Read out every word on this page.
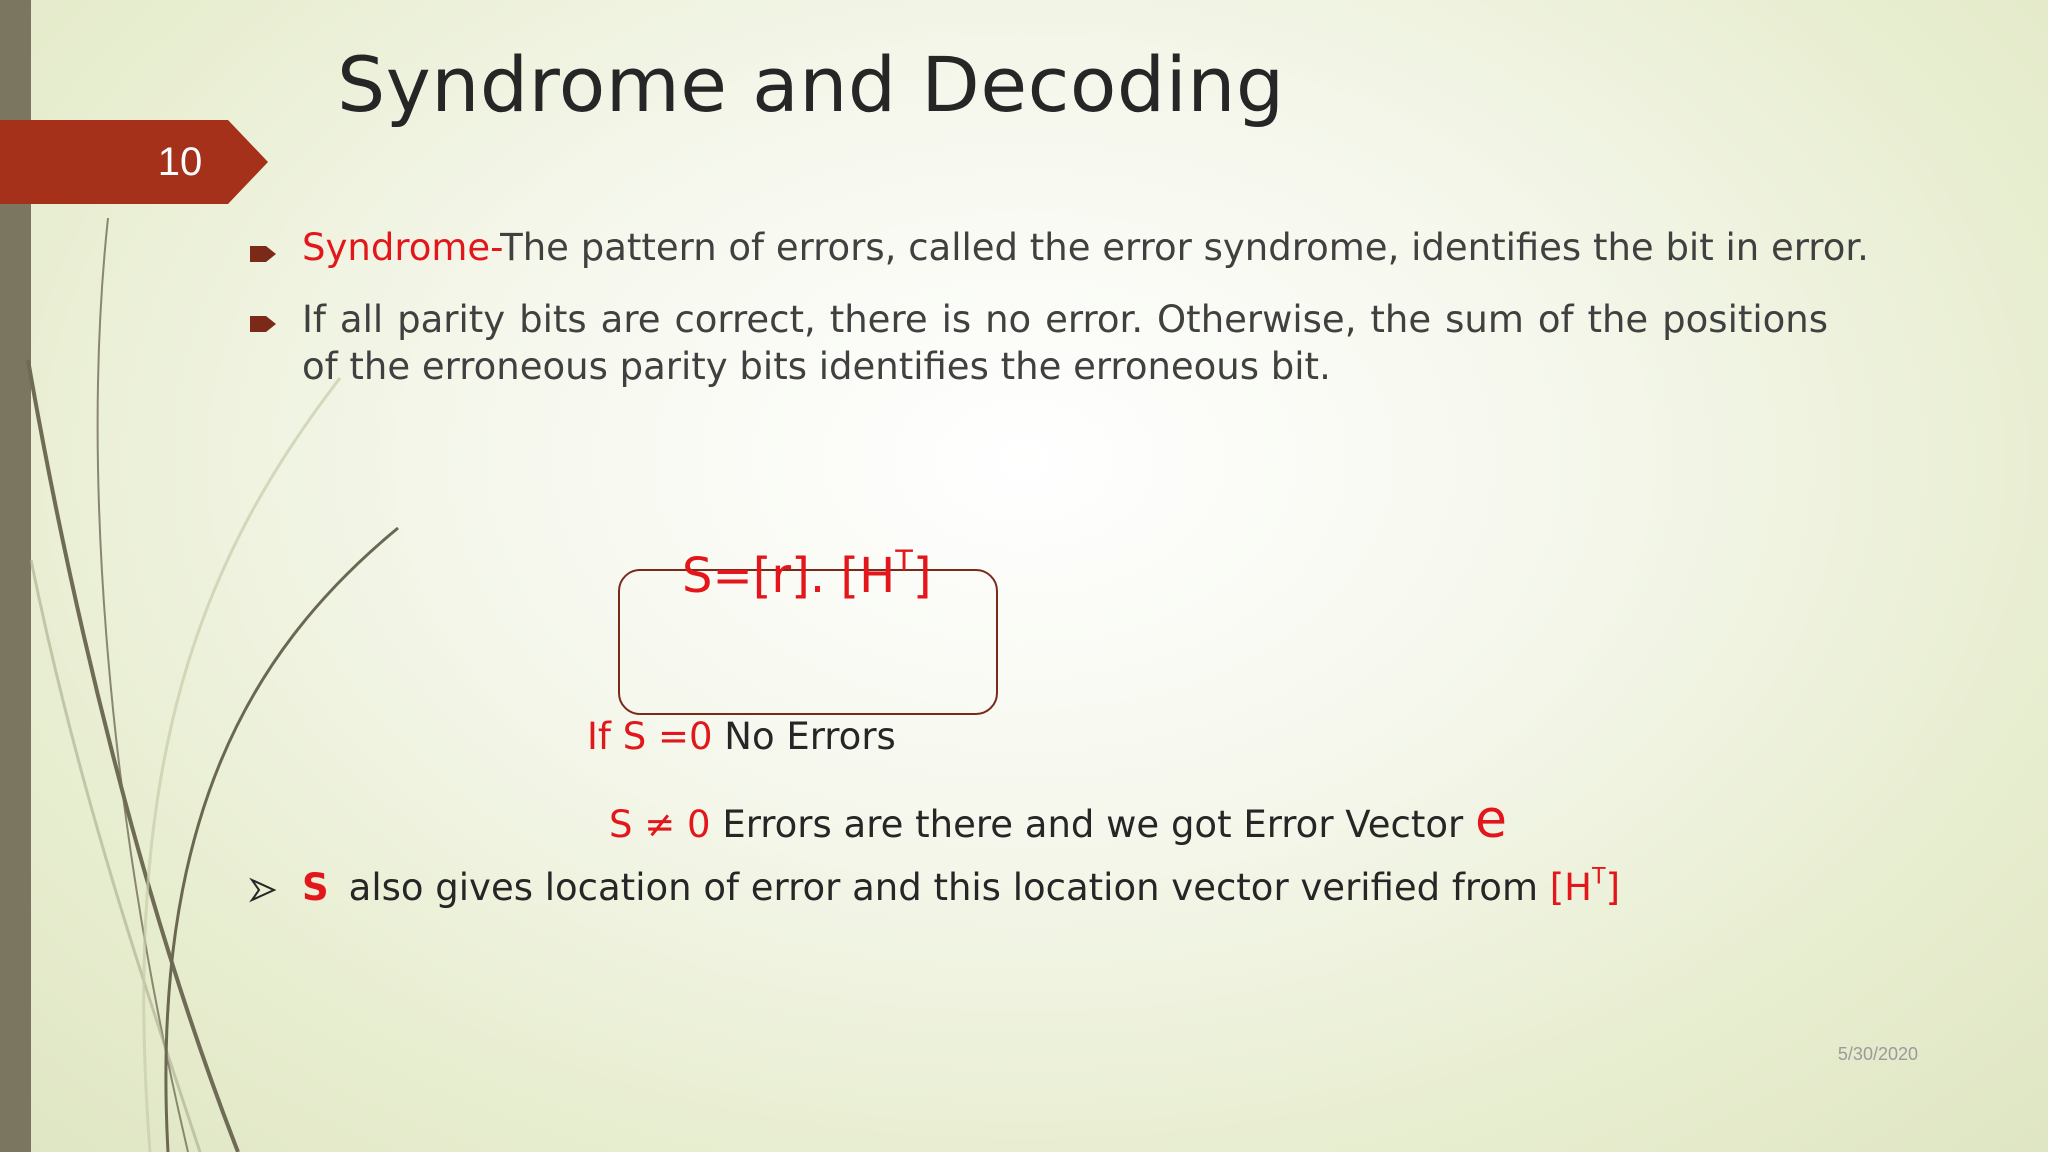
10
Syndrome and Decoding
Syndrome-The pattern of errors, called the error syndrome, identifies the bit in error.
If all parity bits are correct, there is no error. Otherwise, the sum of the positions of the erroneous parity bits identifies the erroneous bit.
S=[r]. $[H^T]$
If S =0 No Errors
S ≠ 0 Errors are there and we got Error Vector e
S also gives location of error and this location vector verified from $[H^T]$
5/30/2020
